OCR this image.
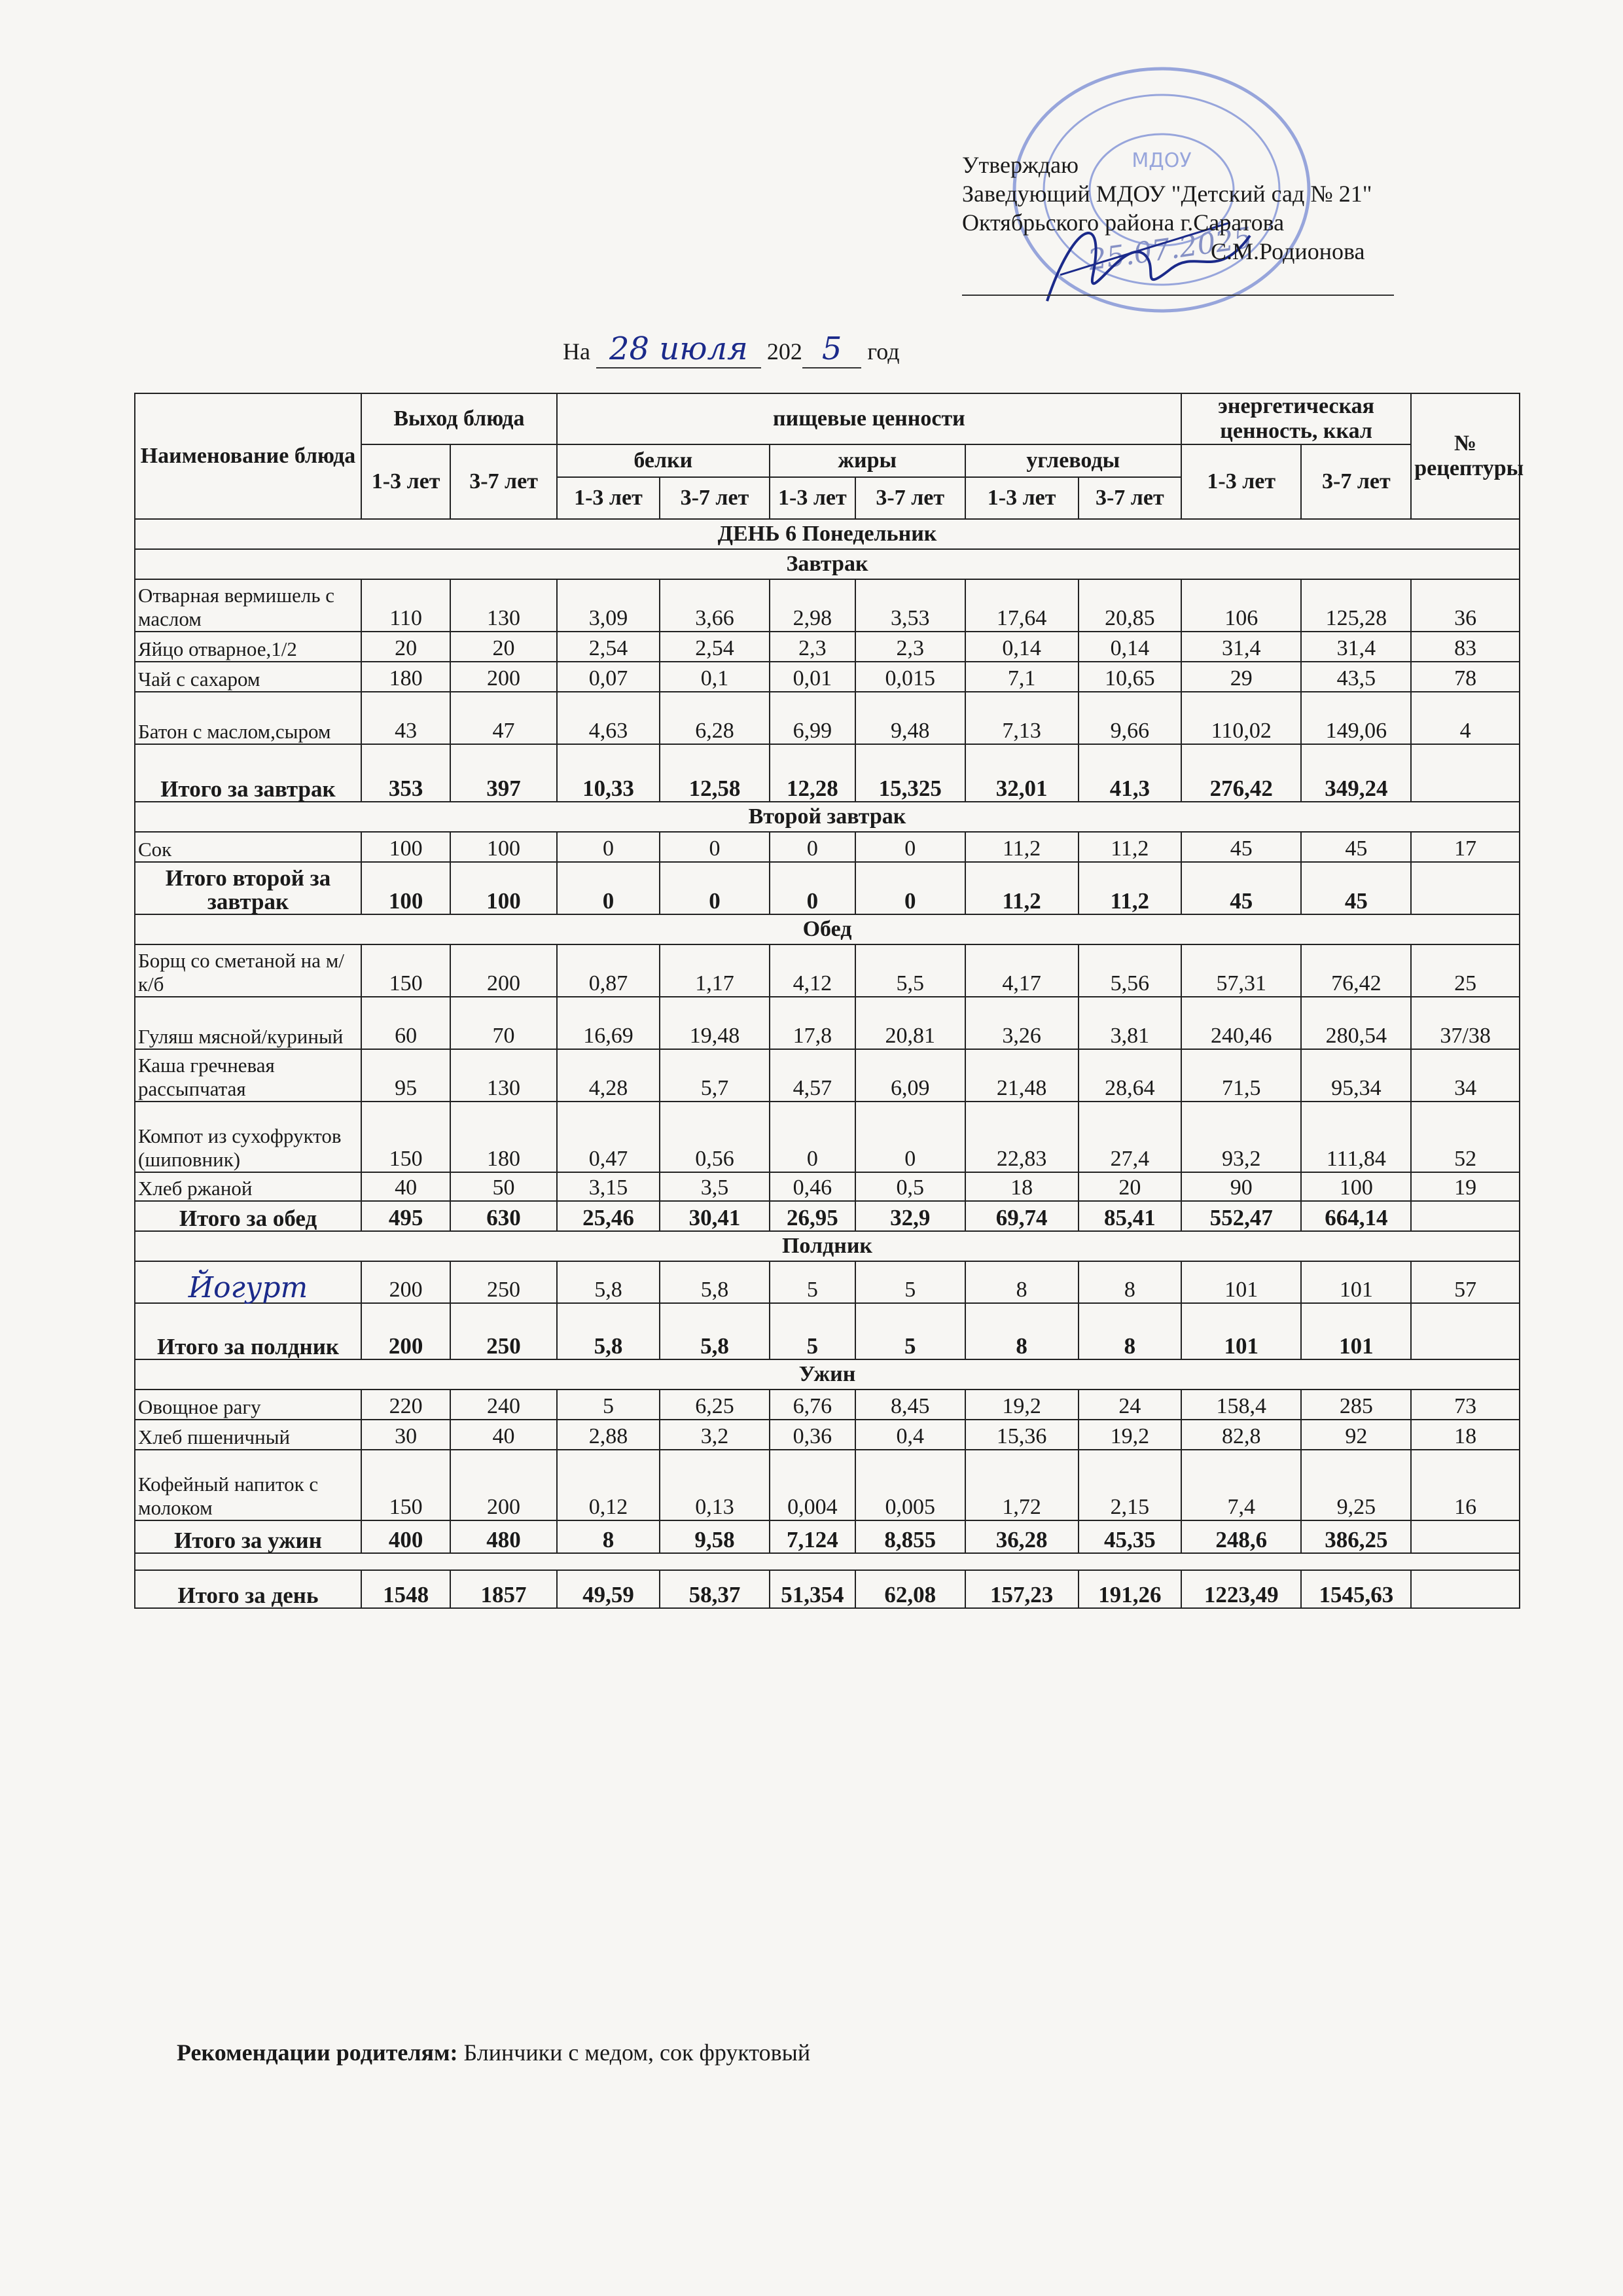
МДОУ
25.07.2025
Утверждаю
Заведующий МДОУ "Детский сад № 21"
Октябрьского района г.Саратова
С.М.Родионова
На 28 июля 202 5 год
Наименование блюда	Выход блюда		пищевые ценности						энергетическая ценность, ккал		№ рецептуры
	1-3 лет	3-7 лет	белки		жиры		углеводы		1-3 лет	3-7 лет	
			1-3 лет	3-7 лет	1-3 лет	3-7 лет	1-3 лет	3-7 лет			
ДЕНЬ 6 Понедельник											
Завтрак											
Отварная вермишель с маслом	110	130	3,09	3,66	2,98	3,53	17,64	20,85	106	125,28	36
Яйцо отварное,1/2	20	20	2,54	2,54	2,3	2,3	0,14	0,14	31,4	31,4	83
Чай с сахаром	180	200	0,07	0,1	0,01	0,015	7,1	10,65	29	43,5	78
Батон с маслом,сыром	43	47	4,63	6,28	6,99	9,48	7,13	9,66	110,02	149,06	4
Итого за завтрак	353	397	10,33	12,58	12,28	15,325	32,01	41,3	276,42	349,24	
Второй завтрак											
Сок	100	100	0	0	0	0	11,2	11,2	45	45	17
Итого второй за завтрак	100	100	0	0	0	0	11,2	11,2	45	45	
Обед											
Борщ со сметаной на м/к/б	150	200	0,87	1,17	4,12	5,5	4,17	5,56	57,31	76,42	25
Гуляш мясной/куриный	60	70	16,69	19,48	17,8	20,81	3,26	3,81	240,46	280,54	37/38
Каша гречневая рассыпчатая	95	130	4,28	5,7	4,57	6,09	21,48	28,64	71,5	95,34	34
Компот из сухофруктов (шиповник)	150	180	0,47	0,56	0	0	22,83	27,4	93,2	111,84	52
Хлеб ржаной	40	50	3,15	3,5	0,46	0,5	18	20	90	100	19
Итого за обед	495	630	25,46	30,41	26,95	32,9	69,74	85,41	552,47	664,14	
Полдник											
Йогурт	200	250	5,8	5,8	5	5	8	8	101	101	57
Итого за полдник	200	250	5,8	5,8	5	5	8	8	101	101	
Ужин											
Овощное рагу	220	240	5	6,25	6,76	8,45	19,2	24	158,4	285	73
Хлеб пшеничный	30	40	2,88	3,2	0,36	0,4	15,36	19,2	82,8	92	18
Кофейный напиток с молоком	150	200	0,12	0,13	0,004	0,005	1,72	2,15	7,4	9,25	16
Итого за ужин	400	480	8	9,58	7,124	8,855	36,28	45,35	248,6	386,25	

Итого за день	1548	1857	49,59	58,37	51,354	62,08	157,23	191,26	1223,49	1545,63	
Рекомендации родителям: Блинчики с медом, сок фруктовый
